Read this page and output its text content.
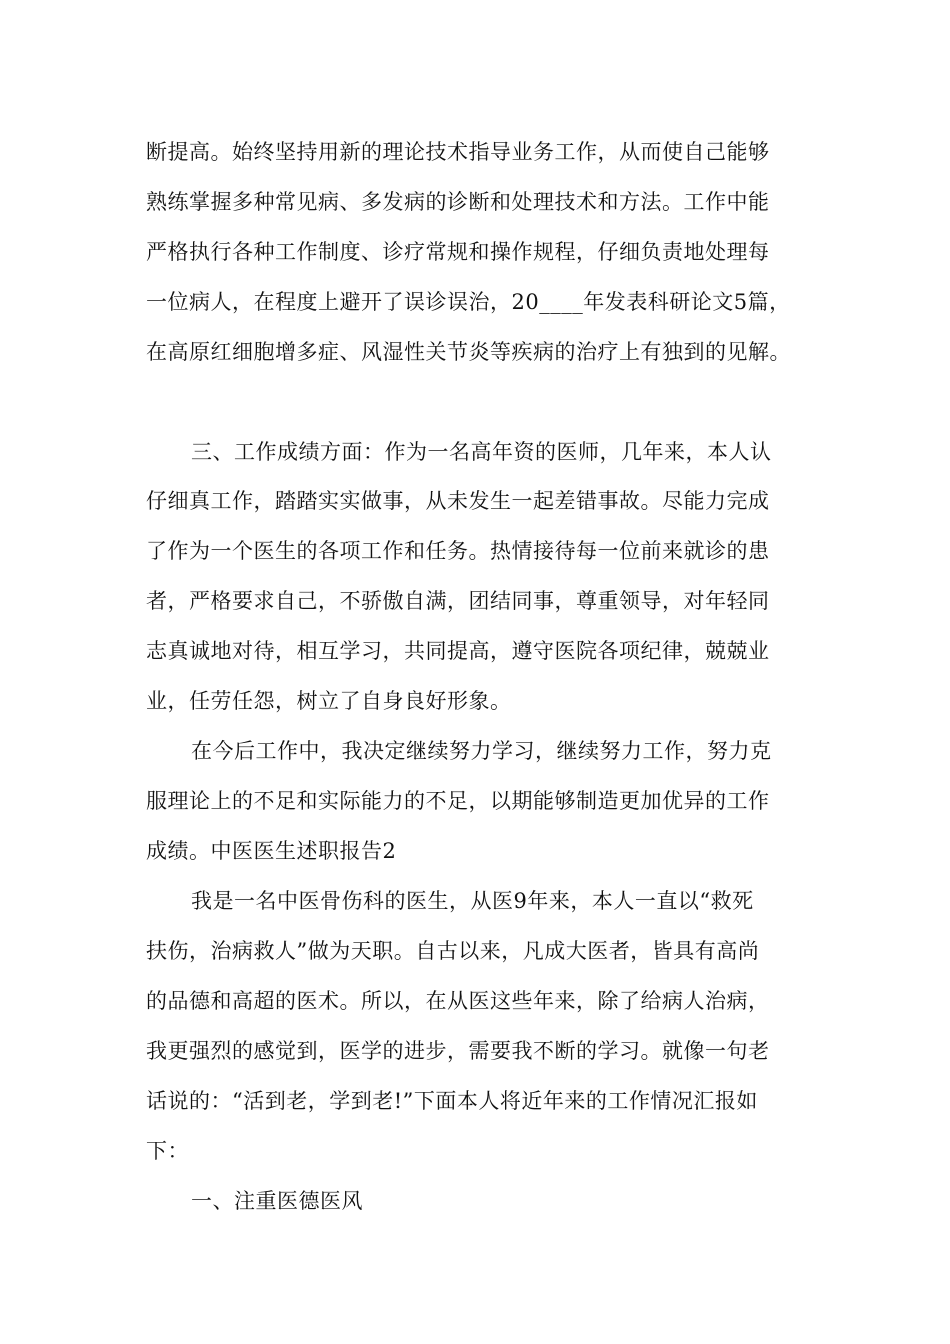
断提高。始终坚持用新的理论技术指导业务工作，从而使自己能够
熟练掌握多种常见病、多发病的诊断和处理技术和方法。工作中能
严格执行各种工作制度、诊疗常规和操作规程，仔细负责地处理每
一位病人，在程度上避开了误诊误治，20____年发表科研论文5篇，
在高原红细胞增多症、风湿性关节炎等疾病的治疗上有独到的见解。
三、工作成绩方面：作为一名高年资的医师，几年来，本人认
仔细真工作，踏踏实实做事，从未发生一起差错事故。尽能力完成
了作为一个医生的各项工作和任务。热情接待每一位前来就诊的患
者，严格要求自己，不骄傲自满，团结同事，尊重领导，对年轻同
志真诚地对待，相互学习，共同提高，遵守医院各项纪律，兢兢业
业，任劳任怨，树立了自身良好形象。
在今后工作中，我决定继续努力学习，继续努力工作，努力克
服理论上的不足和实际能力的不足，以期能够制造更加优异的工作
成绩。中医医生述职报告2
我是一名中医骨伤科的医生，从医9年来，本人一直以“救死
扶伤，治病救人”做为天职。自古以来，凡成大医者，皆具有高尚
的品德和高超的医术。所以，在从医这些年来，除了给病人治病，
我更强烈的感觉到，医学的进步，需要我不断的学习。就像一句老
话说的：“活到老，学到老!”下面本人将近年来的工作情况汇报如
下：
一、注重医德医风
